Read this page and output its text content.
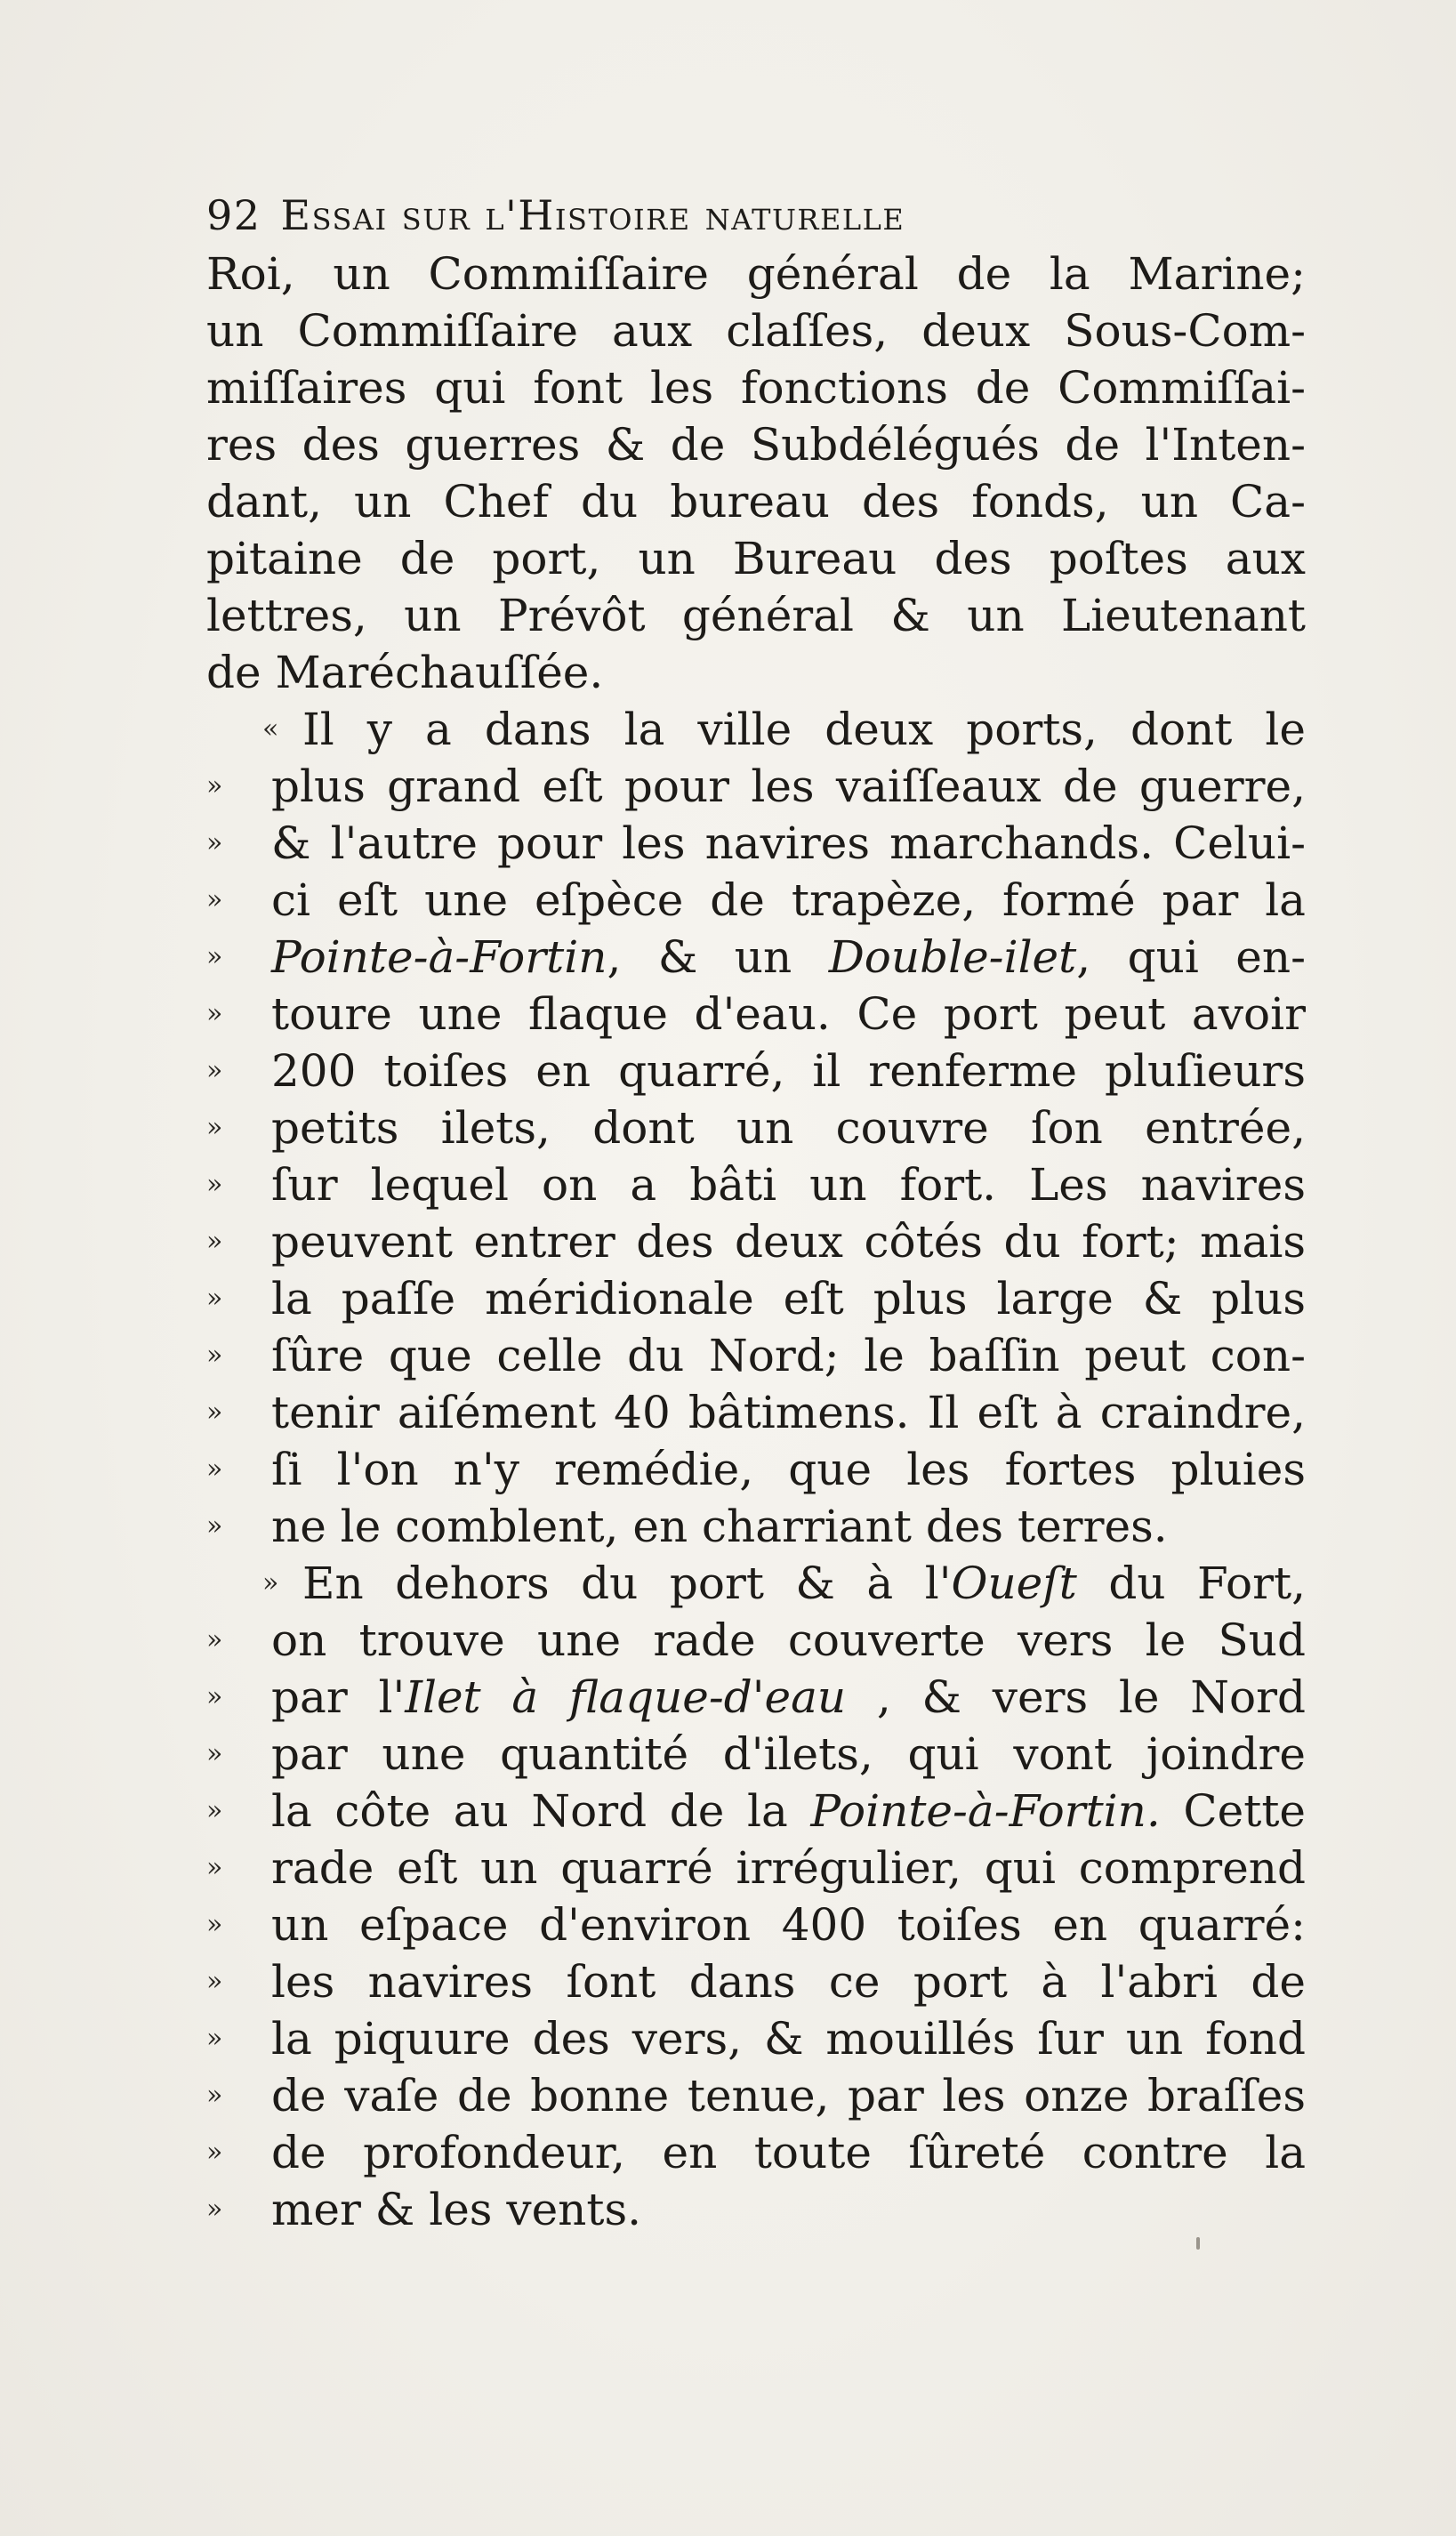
92 Essai sur l'Histoire naturelle
Roi, un Commiſſaire général de la Marine;
un Commiſſaire aux claſſes, deux Sous-Com-
miſſaires qui font les fonctions de Commiſſai-
res des guerres & de Subdélégués de l'Inten-
dant, un Chef du bureau des fonds, un Ca-
pitaine de port, un Bureau des poſtes aux
lettres, un Prévôt général & un Lieutenant
de Maréchauſſée.
« Il y a dans la ville deux ports, dont le
»	plus grand eſt pour les vaiſſeaux de guerre,
»	& l'autre pour les navires marchands. Celui-
»	ci eſt une eſpèce de trapèze, formé par la
»	Pointe-à-Fortin, & un Double-ilet, qui en-
»	toure une flaque d'eau. Ce port peut avoir
»	200 toiſes en quarré, il renferme pluſieurs
»	petits ilets, dont un couvre ſon entrée,
»	ſur lequel on a bâti un fort. Les navires
»	peuvent entrer des deux côtés du fort; mais
»	la paſſe méridionale eſt plus large & plus
»	ſûre que celle du Nord; le baſſin peut con-
»	tenir aiſément 40 bâtimens. Il eſt à craindre,
»	ſi l'on n'y remédie, que les fortes pluies
»	ne le comblent, en charriant des terres.
» En dehors du port & à l'Oueſt du Fort,
»	on trouve une rade couverte vers le Sud
»	par l'Ilet à flaque-d'eau , & vers le Nord
»	par une quantité d'ilets, qui vont joindre
»	la côte au Nord de la Pointe-à-Fortin. Cette
»	rade eſt un quarré irrégulier, qui comprend
»	un eſpace d'environ 400 toiſes en quarré:
»	les navires ſont dans ce port à l'abri de
»	la piquure des vers, & mouillés ſur un fond
»	de vaſe de bonne tenue, par les onze braſſes
»	de profondeur, en toute ſûreté contre la
»	mer & les vents.
